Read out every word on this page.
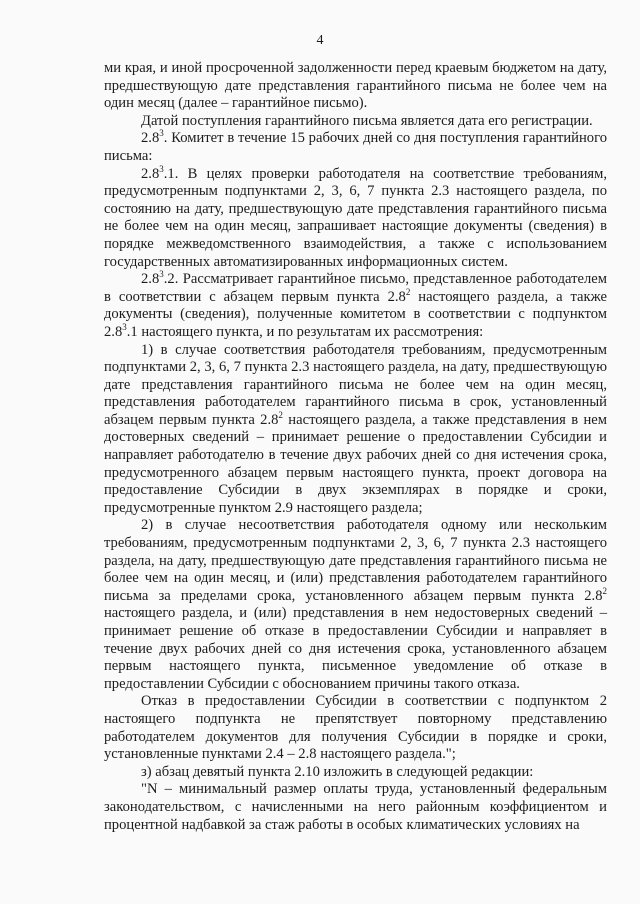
4

ми края, и иной просроченной задолженности перед краевым бюджетом на дату, предшествующую дате представления гарантийного письма не более чем на один месяц (далее – гарантийное письмо).

Датой поступления гарантийного письма является дата его регистрации.

$2.8^3$. Комитет в течение 15 рабочих дней со дня поступления гарантийного письма:

$2.8^3.1$. В целях проверки работодателя на соответствие требованиям, предусмотренным подпунктами 2, 3, 6, 7 пункта 2.3 настоящего раздела, по состоянию на дату, предшествующую дате представления гарантийного письма не более чем на один месяц, запрашивает настоящие документы (сведения) в порядке межведомственного взаимодействия, а также с использованием государственных автоматизированных информационных систем.

$2.8^3.2$. Рассматривает гарантийное письмо, представленное работодателем в соответствии с абзацем первым пункта $2.8^2$ настоящего раздела, а также документы (сведения), полученные комитетом в соответствии с подпунктом $2.8^3.1$ настоящего пункта, и по результатам их рассмотрения:

1) в случае соответствия работодателя требованиям, предусмотренным подпунктами 2, 3, 6, 7 пункта 2.3 настоящего раздела, на дату, предшествующую дате представления гарантийного письма не более чем на один месяц, представления работодателем гарантийного письма в срок, установленный абзацем первым пункта $2.8^2$ настоящего раздела, а также представления в нем достоверных сведений – принимает решение о предоставлении Субсидии и направляет работодателю в течение двух рабочих дней со дня истечения срока, предусмотренного абзацем первым настоящего пункта, проект договора на предоставление Субсидии в двух экземплярах в порядке и сроки, предусмотренные пунктом 2.9 настоящего раздела;

2) в случае несоответствия работодателя одному или нескольким требованиям, предусмотренным подпунктами 2, 3, 6, 7 пункта 2.3 настоящего раздела, на дату, предшествующую дате представления гарантийного письма не более чем на один месяц, и (или) представления работодателем гарантийного письма за пределами срока, установленного абзацем первым пункта $2.8^2$ настоящего раздела, и (или) представления в нем недостоверных сведений – принимает решение об отказе в предоставлении Субсидии и направляет в течение двух рабочих дней со дня истечения срока, установленного абзацем первым настоящего пункта, письменное уведомление об отказе в предоставлении Субсидии с обоснованием причины такого отказа.

Отказ в предоставлении Субсидии в соответствии с подпунктом 2 настоящего подпункта не препятствует повторному представлению работодателем документов для получения Субсидии в порядке и сроки, установленные пунктами 2.4 – 2.8 настоящего раздела.";

з) абзац девятый пункта 2.10 изложить в следующей редакции:

"N – минимальный размер оплаты труда, установленный федеральным законодательством, с начисленными на него районным коэффициентом и процентной надбавкой за стаж работы в особых климатических условиях на
